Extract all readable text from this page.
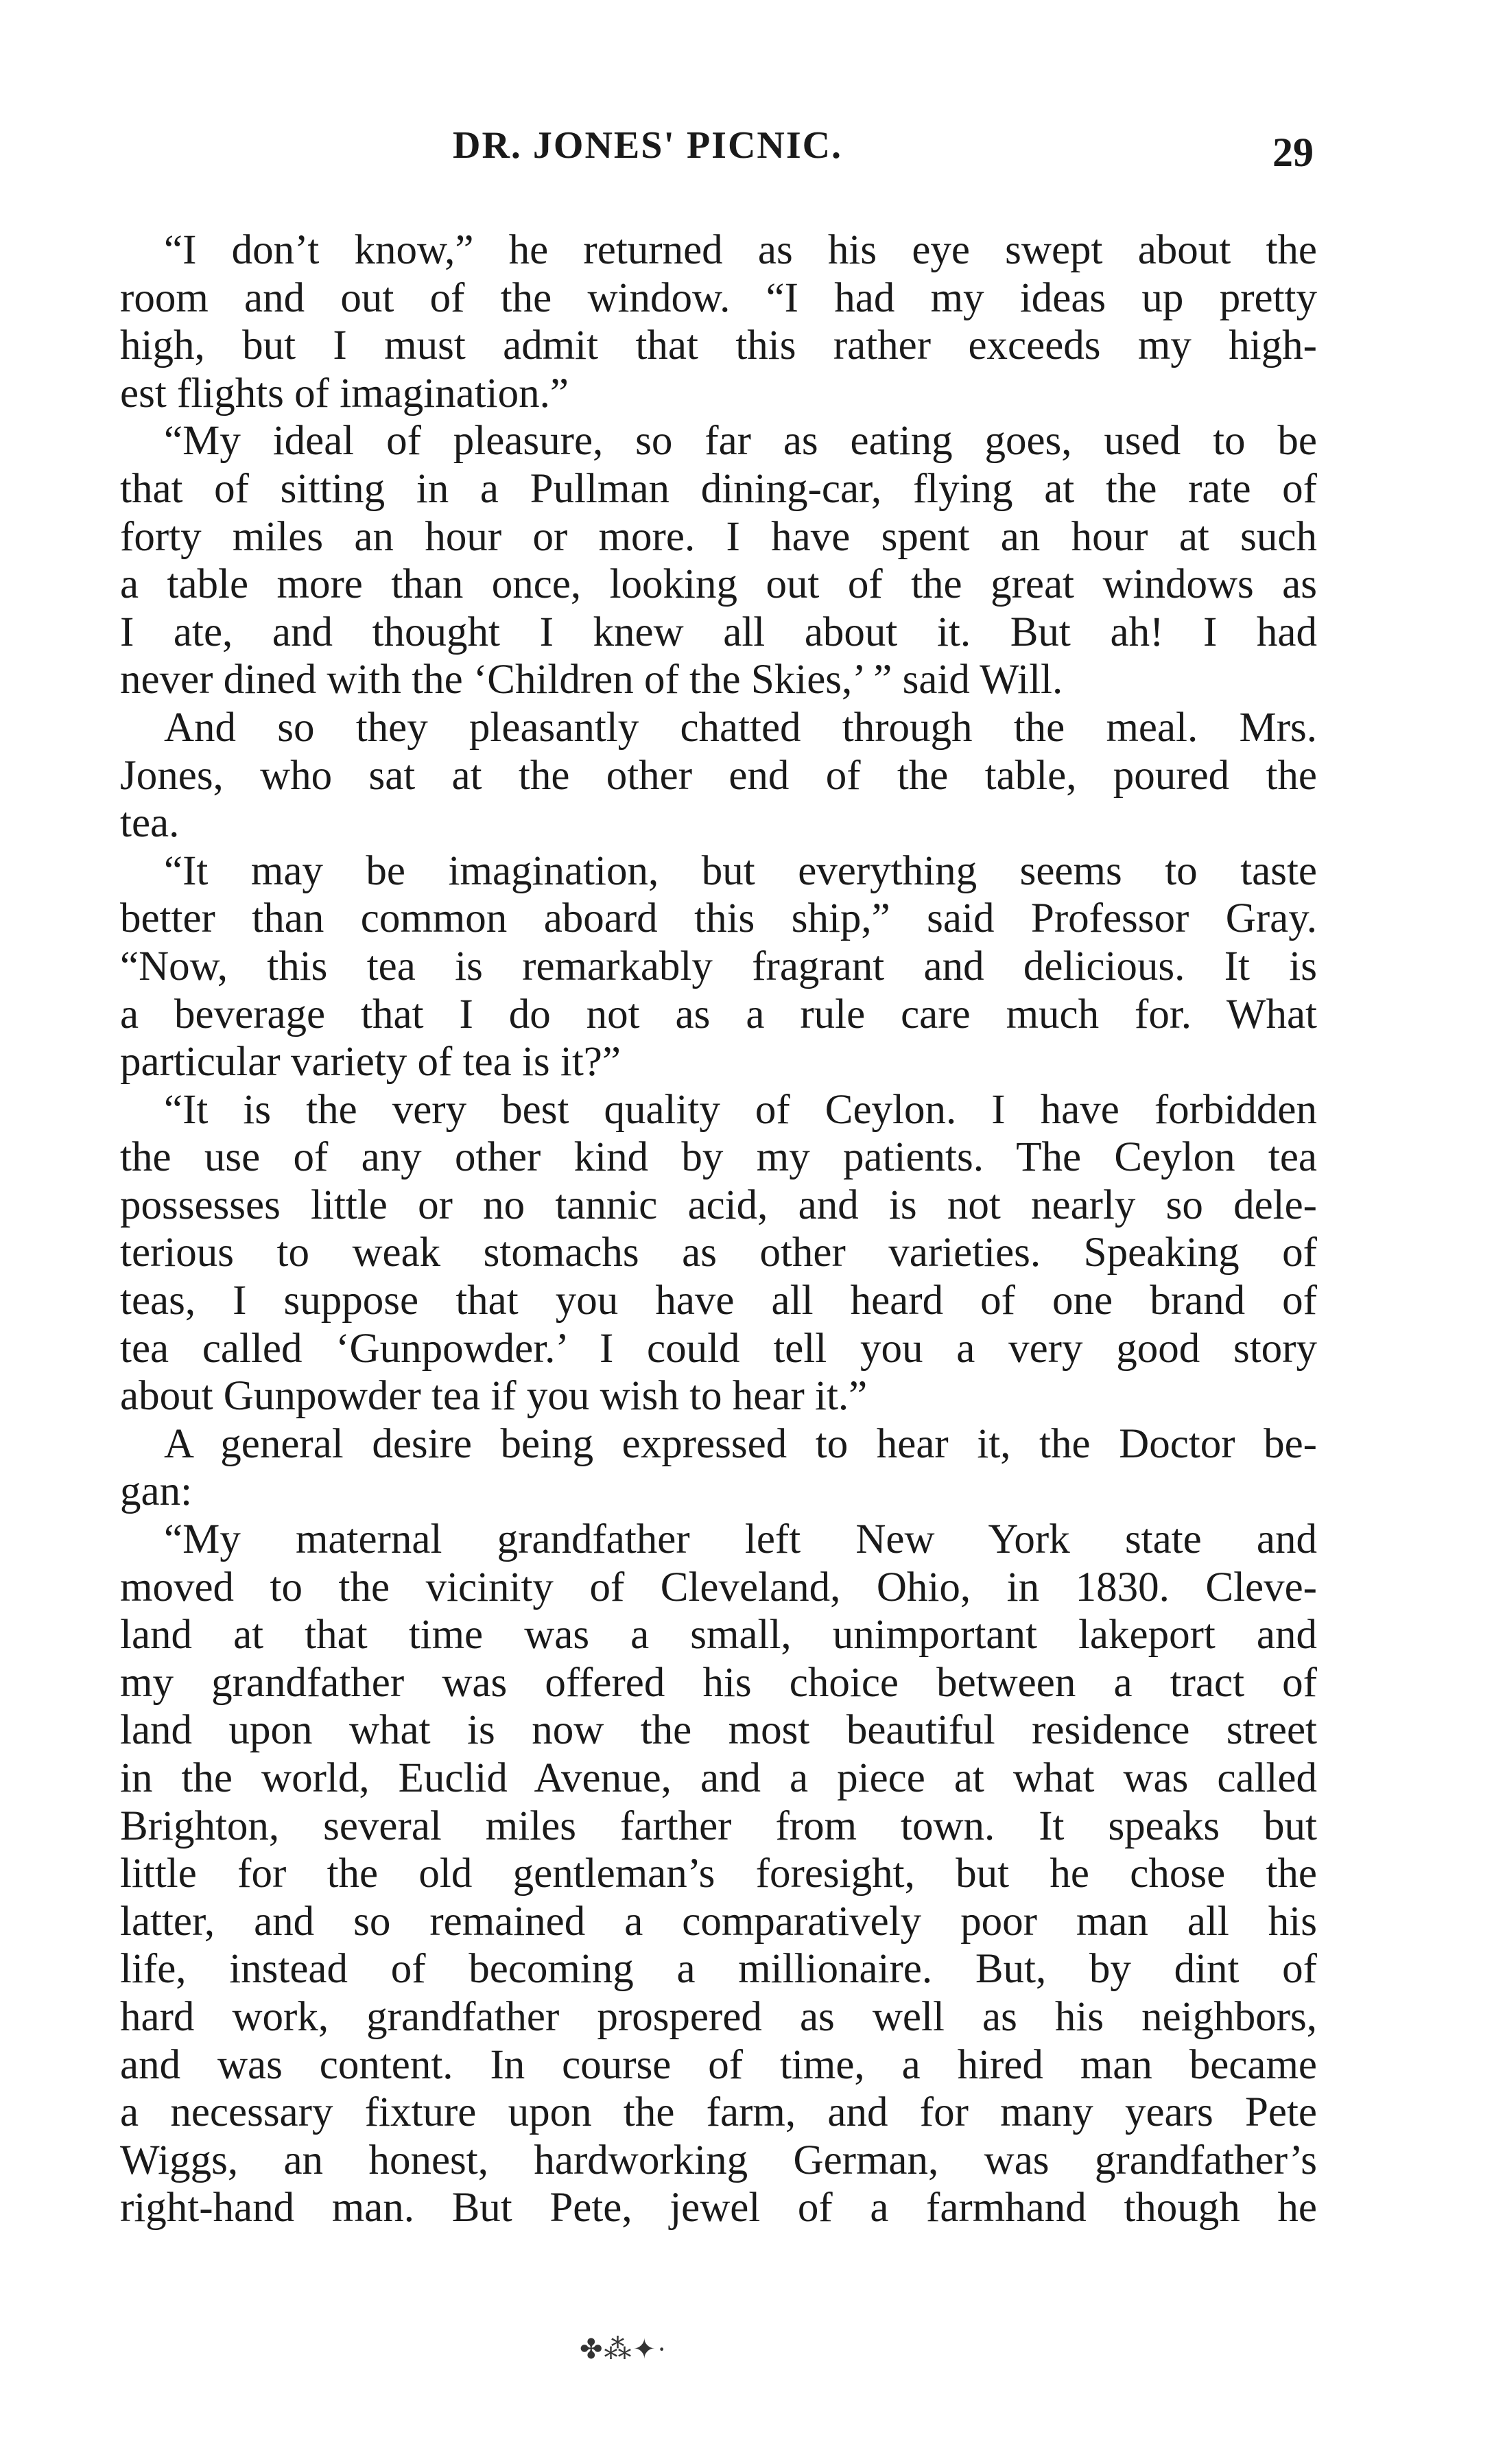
DR. JONES' PICNIC.	29
“I don’t know,” he returned as his eye swept about the
room and out of the window. “I had my ideas up pretty
high, but I must admit that this rather exceeds my high-
est flights of imagination.”
“My ideal of pleasure, so far as eating goes, used to be
that of sitting in a Pullman dining-car, flying at the rate of
forty miles an hour or more. I have spent an hour at such
a table more than once, looking out of the great windows as
I ate, and thought I knew all about it. But ah! I had
never dined with the ‘Children of the Skies,’ ” said Will.
And so they pleasantly chatted through the meal. Mrs.
Jones, who sat at the other end of the table, poured the
tea.
“It may be imagination, but everything seems to taste
better than common aboard this ship,” said Professor Gray.
“Now, this tea is remarkably fragrant and delicious. It is
a beverage that I do not as a rule care much for. What
particular variety of tea is it?”
“It is the very best quality of Ceylon. I have forbidden
the use of any other kind by my patients. The Ceylon tea
possesses little or no tannic acid, and is not nearly so dele-
terious to weak stomachs as other varieties. Speaking of
teas, I suppose that you have all heard of one brand of
tea called ‘Gunpowder.’ I could tell you a very good story
about Gunpowder tea if you wish to hear it.”
A general desire being expressed to hear it, the Doctor be-
gan:
“My maternal grandfather left New York state and
moved to the vicinity of Cleveland, Ohio, in 1830. Cleve-
land at that time was a small, unimportant lakeport and
my grandfather was offered his choice between a tract of
land upon what is now the most beautiful residence street
in the world, Euclid Avenue, and a piece at what was called
Brighton, several miles farther from town. It speaks but
little for the old gentleman’s foresight, but he chose the
latter, and so remained a comparatively poor man all his
life, instead of becoming a millionaire. But, by dint of
hard work, grandfather prospered as well as his neighbors,
and was content. In course of time, a hired man became
a necessary fixture upon the farm, and for many years Pete
Wiggs, an honest, hardworking German, was grandfather’s
right-hand man. But Pete, jewel of a farmhand though he
✤⁂✦·
